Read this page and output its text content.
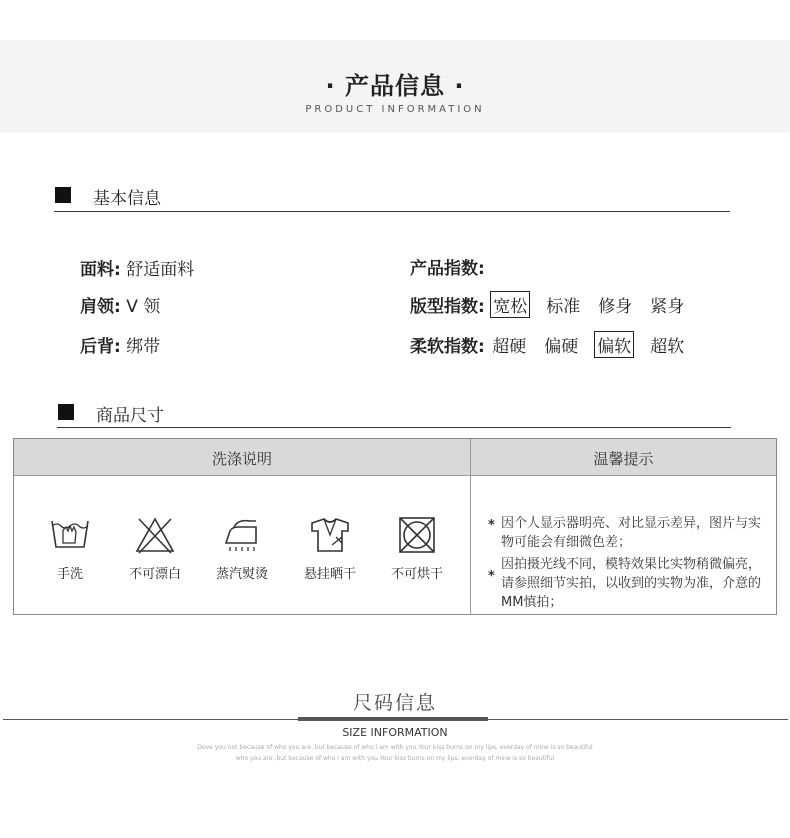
· 产品信息 ·
PRODUCT INFORMATION
基本信息
面料: 舒适面料
肩领: V 领
后背: 绑带
产品指数:
版型指数: 宽松 标准 修身 紧身
柔软指数: 超硬 偏硬 偏软 超软
商品尺寸
洗涤说明	温馨提示
手洗	不可漂白	蒸汽熨烫	悬挂晒干	不可烘干
* 因个人显示器明亮、对比显示差异，图片与实物可能会有细微色差；
*
因拍摄光线不同，模特效果比实物稍微偏亮，请参照细节实拍，以收到的实物为准，介意的MM慎拍；
尺码信息
SIZE INFORMATION
Dove you not because of who you are ,but because of who i am with you.Your kiss burns on my lips, everday of mine is so beautiful
who you are ,but because of who i am with you.Your kiss burns on my lips, everday of mine is so beautiful
